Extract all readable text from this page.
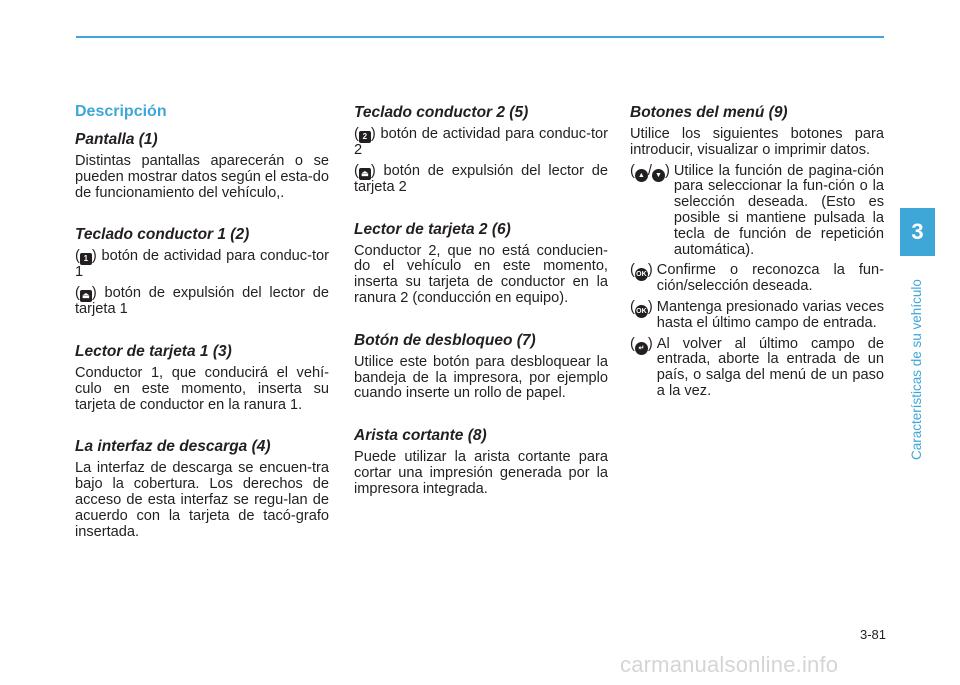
Descripción
Pantalla (1)

Distintas pantallas aparecerán o se pueden mostrar datos según el esta-do de funcionamiento del vehículo,.

Teclado conductor 1 (2)

( 1 ) botón de actividad para conduc-tor 1

( ⏏ ) botón de expulsión del lector de tarjeta 1

Lector de tarjeta 1 (3)

Conductor 1, que conducirá el vehí-culo en este momento, inserta su tarjeta de conductor en la ranura 1.

La interfaz de descarga (4)

La interfaz de descarga se encuen-tra bajo la cobertura. Los derechos de acceso de esta interfaz se regu-lan de acuerdo con la tarjeta de tacó-grafo insertada.

Teclado conductor 2 (5)

( 2 ) botón de actividad para conduc-tor 2

( ⏏ ) botón de expulsión del lector de tarjeta 2

Lector de tarjeta 2 (6)

Conductor 2, que no está conducien-do el vehículo en este momento, inserta su tarjeta de conductor en la ranura 2 (conducción en equipo).

Botón de desbloqueo (7)

Utilice este botón para desbloquear la bandeja de la impresora, por ejemplo cuando inserte un rollo de papel.

Arista cortante (8)

Puede utilizar la arista cortante para cortar una impresión generada por la impresora integrada.

Botones del menú (9)

Utilice los siguientes botones para introducir, visualizar o imprimir datos.

( ▲ / ▼ ) Utilice la función de pagina-ción para seleccionar la fun-ción o la selección deseada. (Esto es posible si mantiene pulsada la tecla de función de repetición automática).
(OK) Confirme o reconozca la fun-ción/selección deseada.
(OK) Mantenga presionado varias veces hasta el último campo de entrada.
( ↵ ) Al volver al último campo de entrada, aborte la entrada de un país, o salga del menú de un paso a la vez.
3
Características de su vehículo
3-81
carmanualsonline.info
